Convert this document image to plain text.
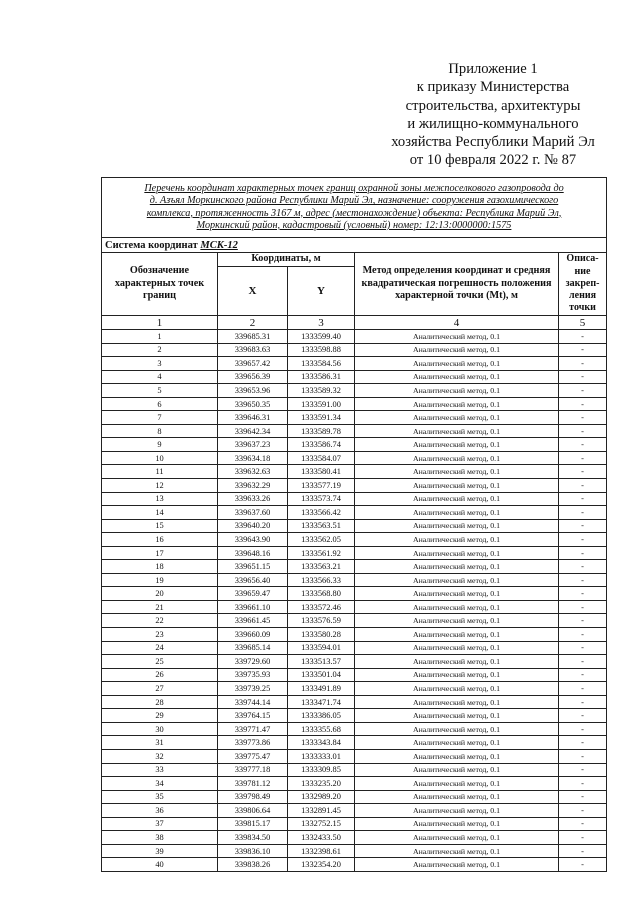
Приложение 1
к приказу Министерства
строительства, архитектуры
и жилищно-коммунального
хозяйства Республики Марий Эл
от 10 февраля 2022 г. № 87
Перечень координат характерных точек границ охранной зоны межпоселкового газопровода до
д. Азъял Моркинского района Республики Марий Эл, назначение: сооружения газохимического
комплекса, протяженность 3167 м, адрес (местонахождение) объекта: Республика Марий Эл,
Моркинский район, кадастровый (условный) номер: 12:13:0000000:1575				
Система координат МСК-12				
Обозначение характерных точек границ	Координаты, м		Метод определения координат и средняя квадратическая погрешность положения характерной точки (Mt), м	Описа-ние закреп-ления точки
	X	Y		
1	2	3	4	5
1	339685.31	1333599.40	Аналитический метод, 0.1	-
2	339683.63	1333598.88	Аналитический метод, 0.1	-
3	339657.42	1333584.56	Аналитический метод, 0.1	-
4	339656.39	1333586.31	Аналитический метод, 0.1	-
5	339653.96	1333589.32	Аналитический метод, 0.1	-
6	339650.35	1333591.00	Аналитический метод, 0.1	-
7	339646.31	1333591.34	Аналитический метод, 0.1	-
8	339642.34	1333589.78	Аналитический метод, 0.1	-
9	339637.23	1333586.74	Аналитический метод, 0.1	-
10	339634.18	1333584.07	Аналитический метод, 0.1	-
11	339632.63	1333580.41	Аналитический метод, 0.1	-
12	339632.29	1333577.19	Аналитический метод, 0.1	-
13	339633.26	1333573.74	Аналитический метод, 0.1	-
14	339637.60	1333566.42	Аналитический метод, 0.1	-
15	339640.20	1333563.51	Аналитический метод, 0.1	-
16	339643.90	1333562.05	Аналитический метод, 0.1	-
17	339648.16	1333561.92	Аналитический метод, 0.1	-
18	339651.15	1333563.21	Аналитический метод, 0.1	-
19	339656.40	1333566.33	Аналитический метод, 0.1	-
20	339659.47	1333568.80	Аналитический метод, 0.1	-
21	339661.10	1333572.46	Аналитический метод, 0.1	-
22	339661.45	1333576.59	Аналитический метод, 0.1	-
23	339660.09	1333580.28	Аналитический метод, 0.1	-
24	339685.14	1333594.01	Аналитический метод, 0.1	-
25	339729.60	1333513.57	Аналитический метод, 0.1	-
26	339735.93	1333501.04	Аналитический метод, 0.1	-
27	339739.25	1333491.89	Аналитический метод, 0.1	-
28	339744.14	1333471.74	Аналитический метод, 0.1	-
29	339764.15	1333386.05	Аналитический метод, 0.1	-
30	339771.47	1333355.68	Аналитический метод, 0.1	-
31	339773.86	1333343.84	Аналитический метод, 0.1	-
32	339775.47	1333333.01	Аналитический метод, 0.1	-
33	339777.18	1333309.85	Аналитический метод, 0.1	-
34	339781.12	1333235.20	Аналитический метод, 0.1	-
35	339798.49	1332989.20	Аналитический метод, 0.1	-
36	339806.64	1332891.45	Аналитический метод, 0.1	-
37	339815.17	1332752.15	Аналитический метод, 0.1	-
38	339834.50	1332433.50	Аналитический метод, 0.1	-
39	339836.10	1332398.61	Аналитический метод, 0.1	-
40	339838.26	1332354.20	Аналитический метод, 0.1	-
